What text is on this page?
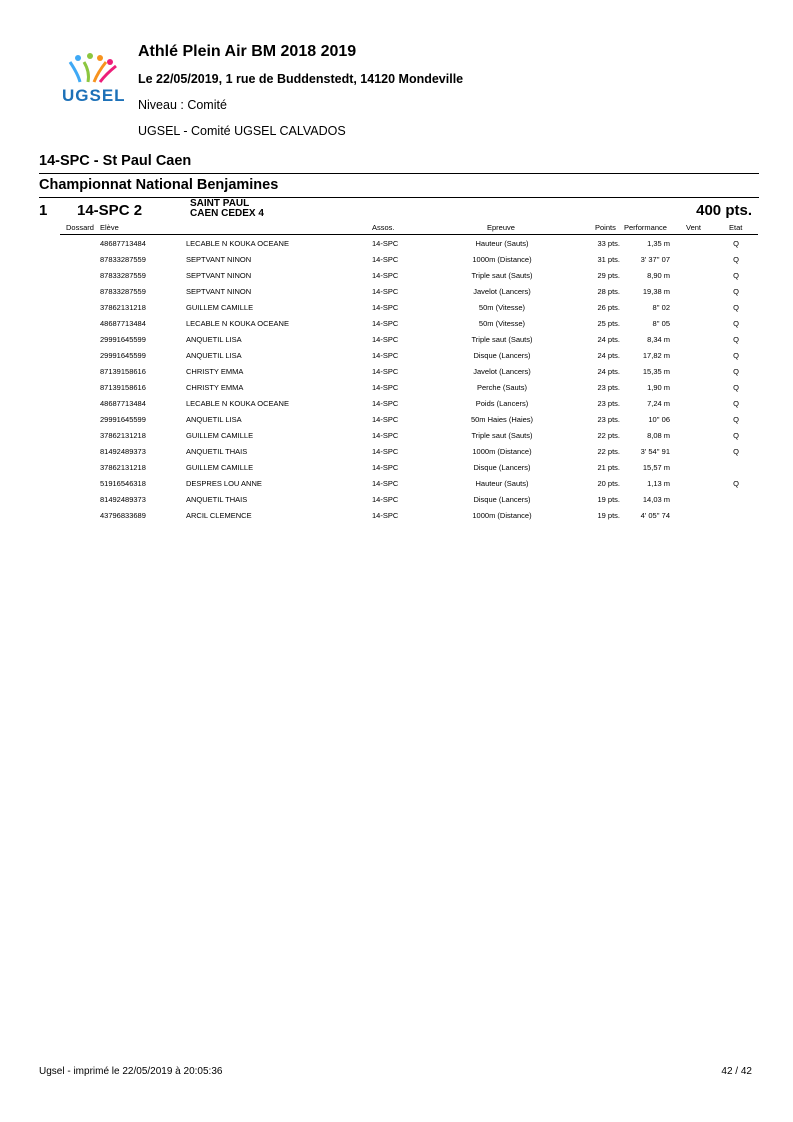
UGSEL
Athlé Plein Air BM 2018 2019
Le 22/05/2019, 1 rue de Buddenstedt, 14120 Mondeville
Niveau : Comité
UGSEL - Comité UGSEL CALVADOS
14-SPC - St Paul Caen
Championnat National Benjamines
1 14-SPC 2	SAINT PAUL
CAEN CEDEX 4	400 pts.
Dossard Elève	Assos.	Epreuve	Points Performance	Vent	Etat
48687713484	LECABLE N KOUKA OCEANE	14-SPC	Hauteur (Sauts)	33 pts.	1,35 m	Q
87833287559	SEPTVANT NINON	14-SPC	1000m (Distance)	31 pts.	3' 37'' 07	Q
87833287559	SEPTVANT NINON	14-SPC	Triple saut (Sauts)	29 pts.	8,90 m	Q
87833287559	SEPTVANT NINON	14-SPC	Javelot (Lancers)	28 pts.	19,38 m	Q
37862131218	GUILLEM CAMILLE	14-SPC	50m (Vitesse)	26 pts.	8'' 02	Q
48687713484	LECABLE N KOUKA OCEANE	14-SPC	50m (Vitesse)	25 pts.	8'' 05	Q
29991645599	ANQUETIL LISA	14-SPC	Triple saut (Sauts)	24 pts.	8,34 m	Q
29991645599	ANQUETIL LISA	14-SPC	Disque (Lancers)	24 pts.	17,82 m	Q
87139158616	CHRISTY EMMA	14-SPC	Javelot (Lancers)	24 pts.	15,35 m	Q
87139158616	CHRISTY EMMA	14-SPC	Perche (Sauts)	23 pts.	1,90 m	Q
48687713484	LECABLE N KOUKA OCEANE	14-SPC	Poids (Lancers)	23 pts.	7,24 m	Q
29991645599	ANQUETIL LISA	14-SPC	50m Haies (Haies)	23 pts.	10'' 06	Q
37862131218	GUILLEM CAMILLE	14-SPC	Triple saut (Sauts)	22 pts.	8,08 m	Q
81492489373	ANQUETIL THAIS	14-SPC	1000m (Distance)	22 pts.	3' 54'' 91	Q
37862131218	GUILLEM CAMILLE	14-SPC	Disque (Lancers)	21 pts.	15,57 m
51916546318	DESPRES LOU ANNE	14-SPC	Hauteur (Sauts)	20 pts.	1,13 m	Q
81492489373	ANQUETIL THAIS	14-SPC	Disque (Lancers)	19 pts.	14,03 m
43796833689	ARCIL CLEMENCE	14-SPC	1000m (Distance)	19 pts.	4' 05'' 74
Ugsel - imprimé le 22/05/2019 à 20:05:36	42 / 42
